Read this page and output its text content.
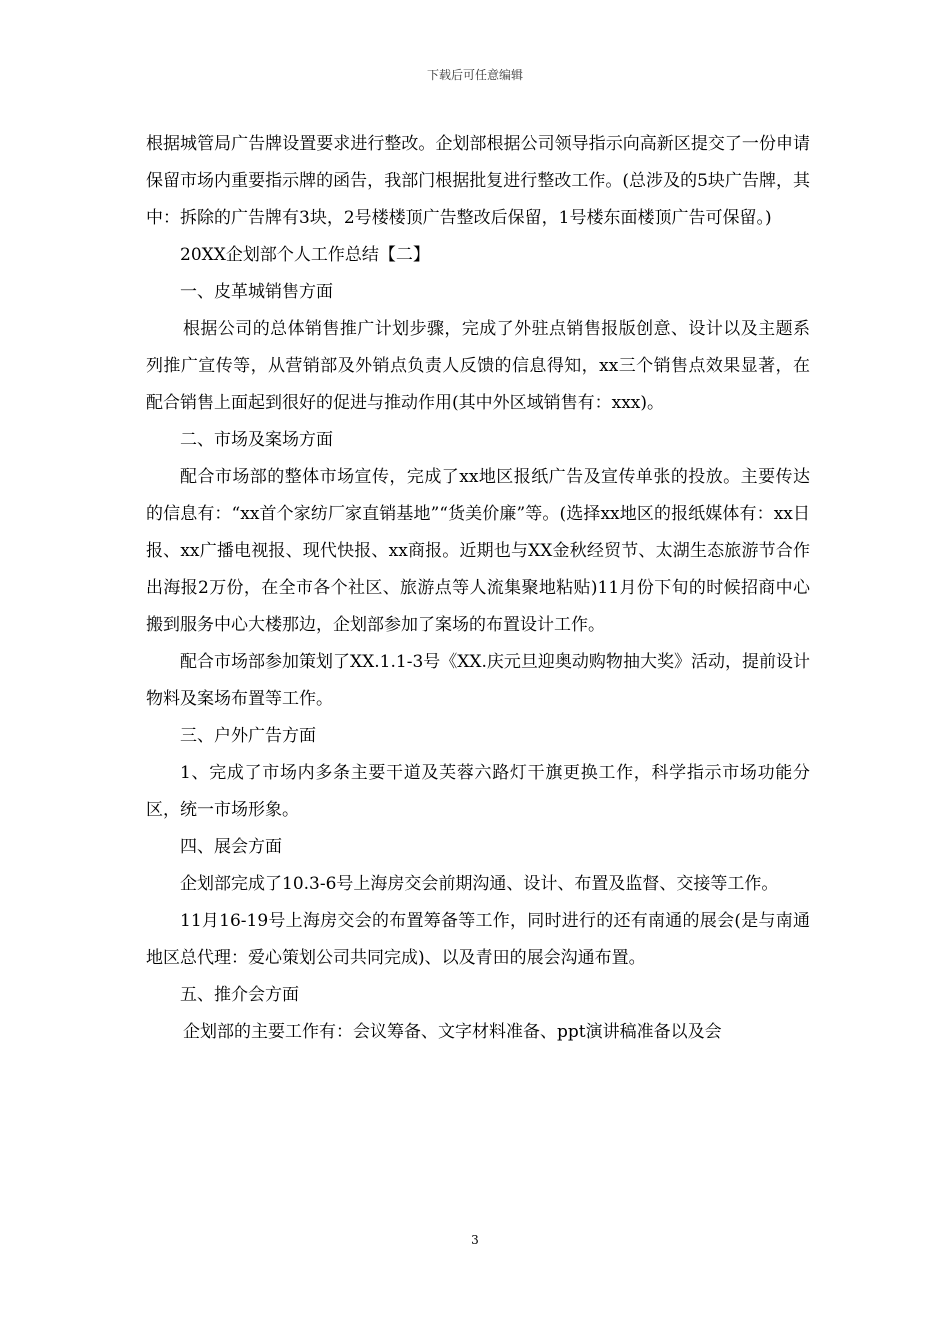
下载后可任意编辑

根据城管局广告牌设置要求进行整改。企划部根据公司领导指示向高新区提交了一份申请保留市场内重要指示牌的函告，我部门根据批复进行整改工作。(总涉及的5块广告牌，其中：拆除的广告牌有3块，2号楼楼顶广告整改后保留，1号楼东面楼顶广告可保留。)

20XX企划部个人工作总结【二】

一、皮革城销售方面

根据公司的总体销售推广计划步骤，完成了外驻点销售报版创意、设计以及主题系列推广宣传等，从营销部及外销点负责人反馈的信息得知，xx三个销售点效果显著，在配合销售上面起到很好的促进与推动作用(其中外区域销售有：xxx)。

二、市场及案场方面

配合市场部的整体市场宣传，完成了xx地区报纸广告及宣传单张的投放。主要传达的信息有：“xx首个家纺厂家直销基地”“货美价廉”等。(选择xx地区的报纸媒体有：xx日报、xx广播电视报、现代快报、xx商报。近期也与XX金秋经贸节、太湖生态旅游节合作出海报2万份，在全市各个社区、旅游点等人流集聚地粘贴)11月份下旬的时候招商中心搬到服务中心大楼那边，企划部参加了案场的布置设计工作。

配合市场部参加策划了XX.1.1-3号《XX.庆元旦迎奥动购物抽大奖》活动，提前设计物料及案场布置等工作。

三、户外广告方面

1、完成了市场内多条主要干道及芙蓉六路灯干旗更换工作，科学指示市场功能分区，统一市场形象。

四、展会方面

企划部完成了10.3-6号上海房交会前期沟通、设计、布置及监督、交接等工作。

11月16-19号上海房交会的布置筹备等工作，同时进行的还有南通的展会(是与南通地区总代理：爱心策划公司共同完成)、以及青田的展会沟通布置。

五、推介会方面

企划部的主要工作有：会议筹备、文字材料准备、ppt演讲稿准备以及会

3
